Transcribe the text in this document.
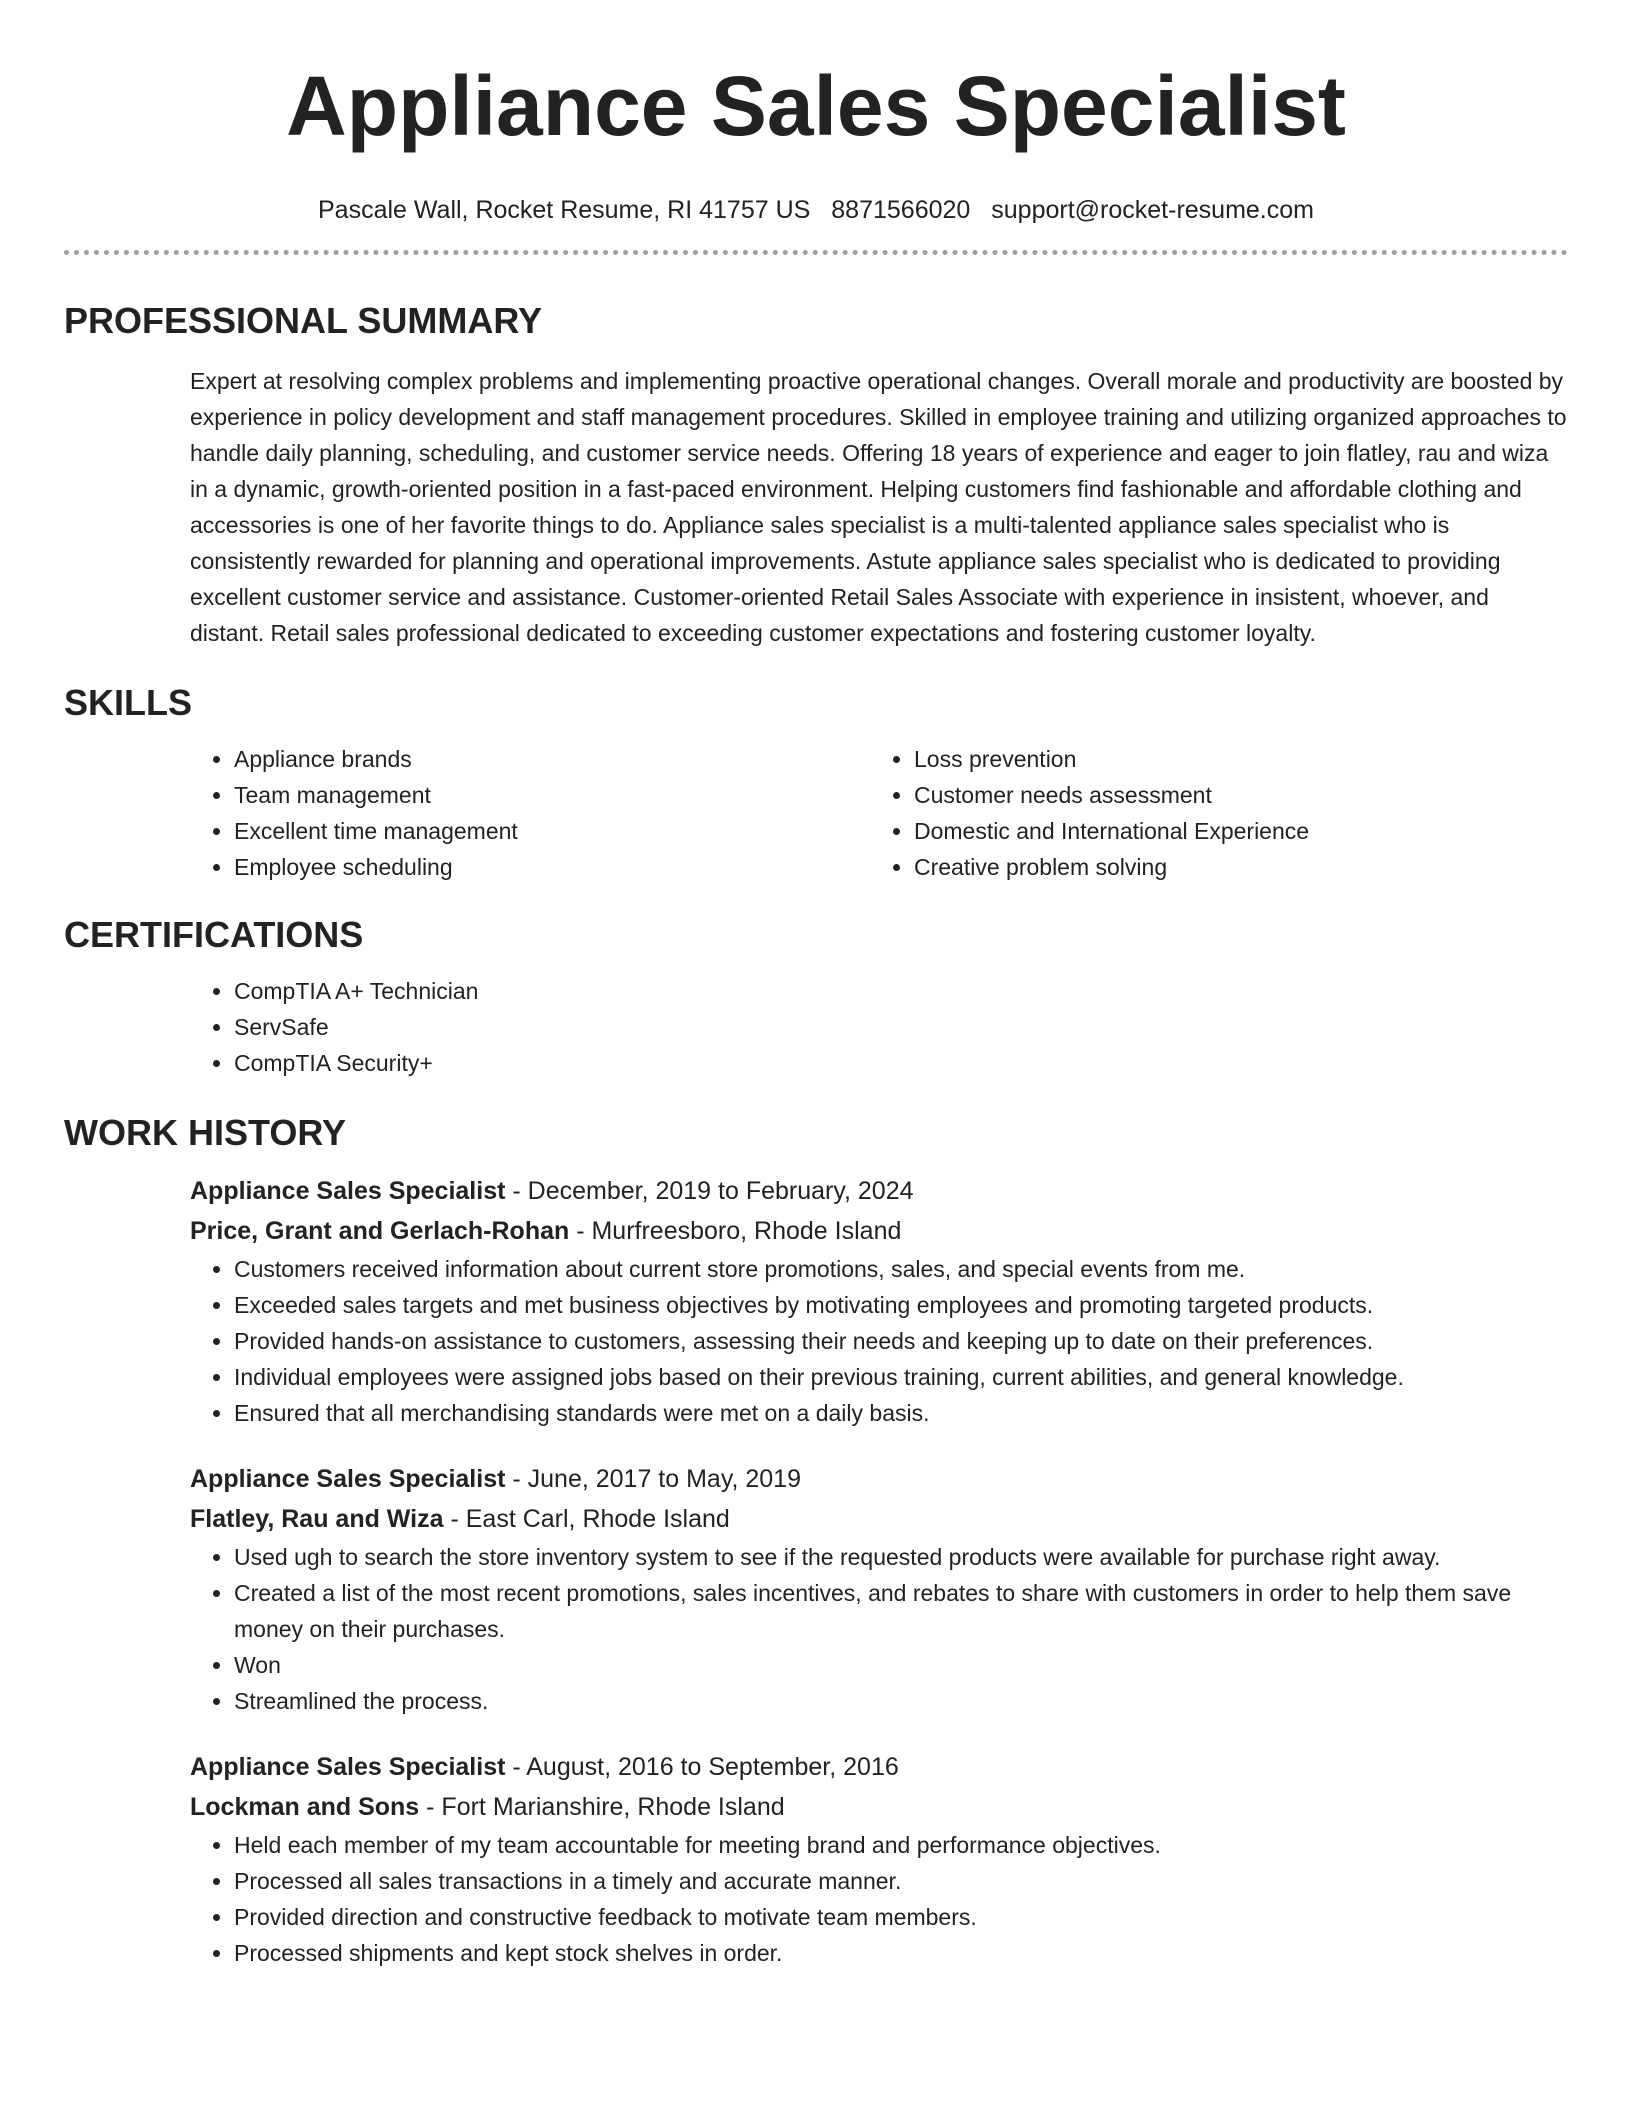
Appliance Sales Specialist
Pascale Wall, Rocket Resume, RI 41757 US 8871566020 support@rocket-resume.com
PROFESSIONAL SUMMARY
Expert at resolving complex problems and implementing proactive operational changes. Overall morale and productivity are boosted by experience in policy development and staff management procedures. Skilled in employee training and utilizing organized approaches to handle daily planning, scheduling, and customer service needs. Offering 18 years of experience and eager to join flatley, rau and wiza in a dynamic, growth-oriented position in a fast-paced environment. Helping customers find fashionable and affordable clothing and accessories is one of her favorite things to do. Appliance sales specialist is a multi-talented appliance sales specialist who is consistently rewarded for planning and operational improvements. Astute appliance sales specialist who is dedicated to providing excellent customer service and assistance. Customer-oriented Retail Sales Associate with experience in insistent, whoever, and distant. Retail sales professional dedicated to exceeding customer expectations and fostering customer loyalty.
SKILLS
• Appliance brands
• Team management
• Excellent time management
• Employee scheduling
• Loss prevention
• Customer needs assessment
• Domestic and International Experience
• Creative problem solving
CERTIFICATIONS
• CompTIA A+ Technician
• ServSafe
• CompTIA Security+
WORK HISTORY
Appliance Sales Specialist - December, 2019 to February, 2024
Price, Grant and Gerlach-Rohan - Murfreesboro, Rhode Island
• Customers received information about current store promotions, sales, and special events from me.
• Exceeded sales targets and met business objectives by motivating employees and promoting targeted products.
• Provided hands-on assistance to customers, assessing their needs and keeping up to date on their preferences.
• Individual employees were assigned jobs based on their previous training, current abilities, and general knowledge.
• Ensured that all merchandising standards were met on a daily basis.
Appliance Sales Specialist - June, 2017 to May, 2019
Flatley, Rau and Wiza - East Carl, Rhode Island
• Used ugh to search the store inventory system to see if the requested products were available for purchase right away.
• Created a list of the most recent promotions, sales incentives, and rebates to share with customers in order to help them save money on their purchases.
• Won
• Streamlined the process.
Appliance Sales Specialist - August, 2016 to September, 2016
Lockman and Sons - Fort Marianshire, Rhode Island
• Held each member of my team accountable for meeting brand and performance objectives.
• Processed all sales transactions in a timely and accurate manner.
• Provided direction and constructive feedback to motivate team members.
• Processed shipments and kept stock shelves in order.
